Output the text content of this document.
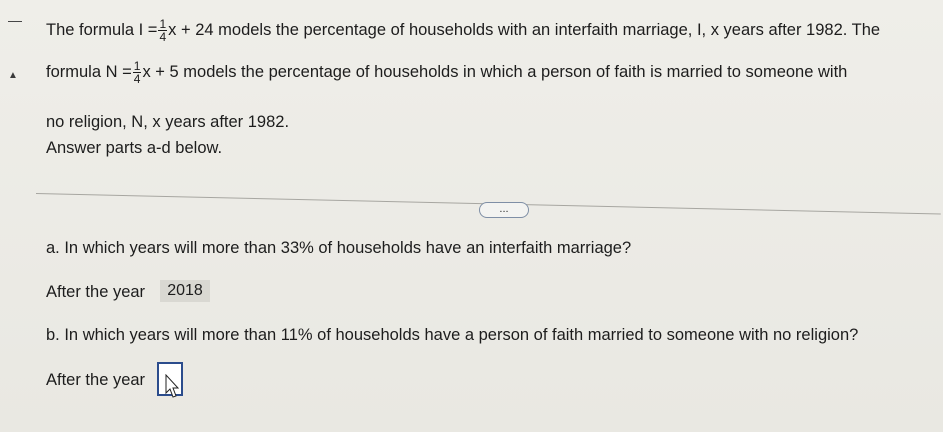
—
▲
The formula $I = \frac{1}{4}$ x + 24 models the percentage of households with an interfaith marriage, I, x years after 1982. The
formula $N = \frac{1}{4}$ x + 5 models the percentage of households in which a person of faith is married to someone with
no religion, N, x years after 1982.
Answer parts a-d below.
...
a. In which years will more than 33% of households have an interfaith marriage?
After the year	2018
b. In which years will more than 11% of households have a person of faith married to someone with no religion?
After the year
